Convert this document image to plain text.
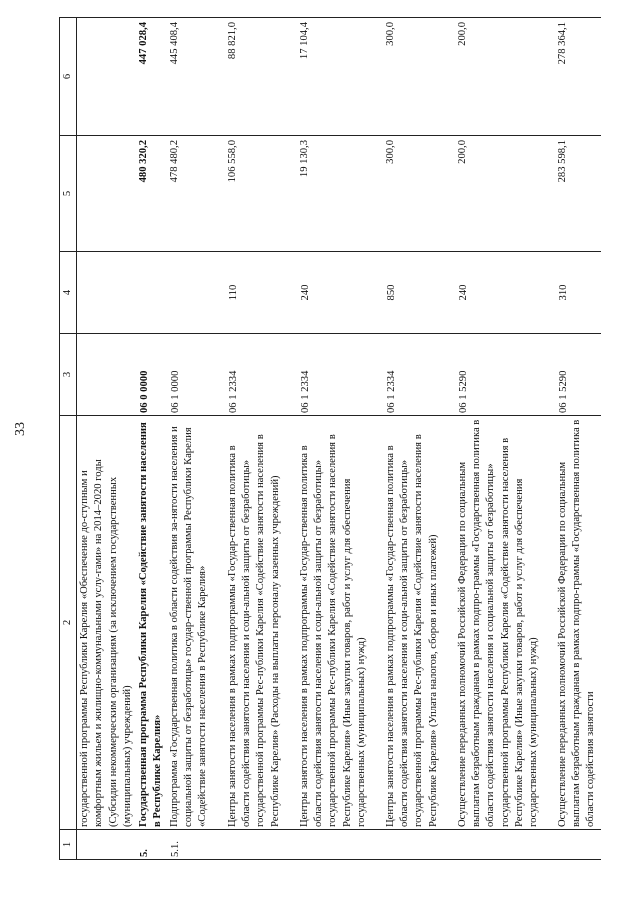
33
1	2	3	4	5	6
	государственной программы Республики Карелия «Обеспечение до-ступным и комфортным жильем и жилищно-коммунальными услу-гами» на 2014–2020 годы (Субсидии некоммерческим организациям (за исключением государственных (муниципальных) учреждений)				
5.	Государственная программа Республики Карелия «Содействие занятости населения в Республике Карелия»	06 0 0000		480 320,2	447 028,4
5.1.	Подпрограмма «Государственная политика в области содействия за-нятости населения и социальной защиты от безработицы» государ-ственной программы Республики Карелия «Содействие занятости населения в Республике Карелия»	06 1 0000		478 480,2	445 408,4
	Центры занятости населения в рамках подпрограммы «Государ-ственная политика в области содействия занятости населения и соци-альной защиты от безработицы» государственной программы Рес-публики Карелия «Содействие занятости населения в Республике Карелия» (Расходы на выплаты персоналу казенных учреждений)	06 1 2334	110	106 558,0	88 821,0
	Центры занятости населения в рамках подпрограммы «Государ-ственная политика в области содействия занятости населения и соци-альной защиты от безработицы» государственной программы Рес-публики Карелия «Содействие занятости населения в Республике Карелия» (Иные закупки товаров, работ и услуг для обеспечения государственных (муниципальных) нужд)	06 1 2334	240	19 130,3	17 104,4
	Центры занятости населения в рамках подпрограммы «Государ-ственная политика в области содействия занятости населения и соци-альной защиты от безработицы» государственной программы Рес-публики Карелия «Содействие занятости населения в Республике Карелия» (Уплата налогов, сборов и иных платежей)	06 1 2334	850	300,0	300,0
	Осуществление переданных полномочий Российской Федерации по социальным выплатам безработным гражданам в рамках подпро-граммы «Государственная политика в области содействия занятости населения и социальной защиты от безработицы» государственной программы Республики Карелия «Содействие занятости населения в Республике Карелия» (Иные закупки товаров, работ и услуг для обеспечения государственных (муниципальных) нужд)	06 1 5290	240	200,0	200,0
	Осуществление переданных полномочий Российской Федерации по социальным выплатам безработным гражданам в рамках подпро-граммы «Государственная политика в области содействия занятости	06 1 5290	310	283 598,1	278 364,1
